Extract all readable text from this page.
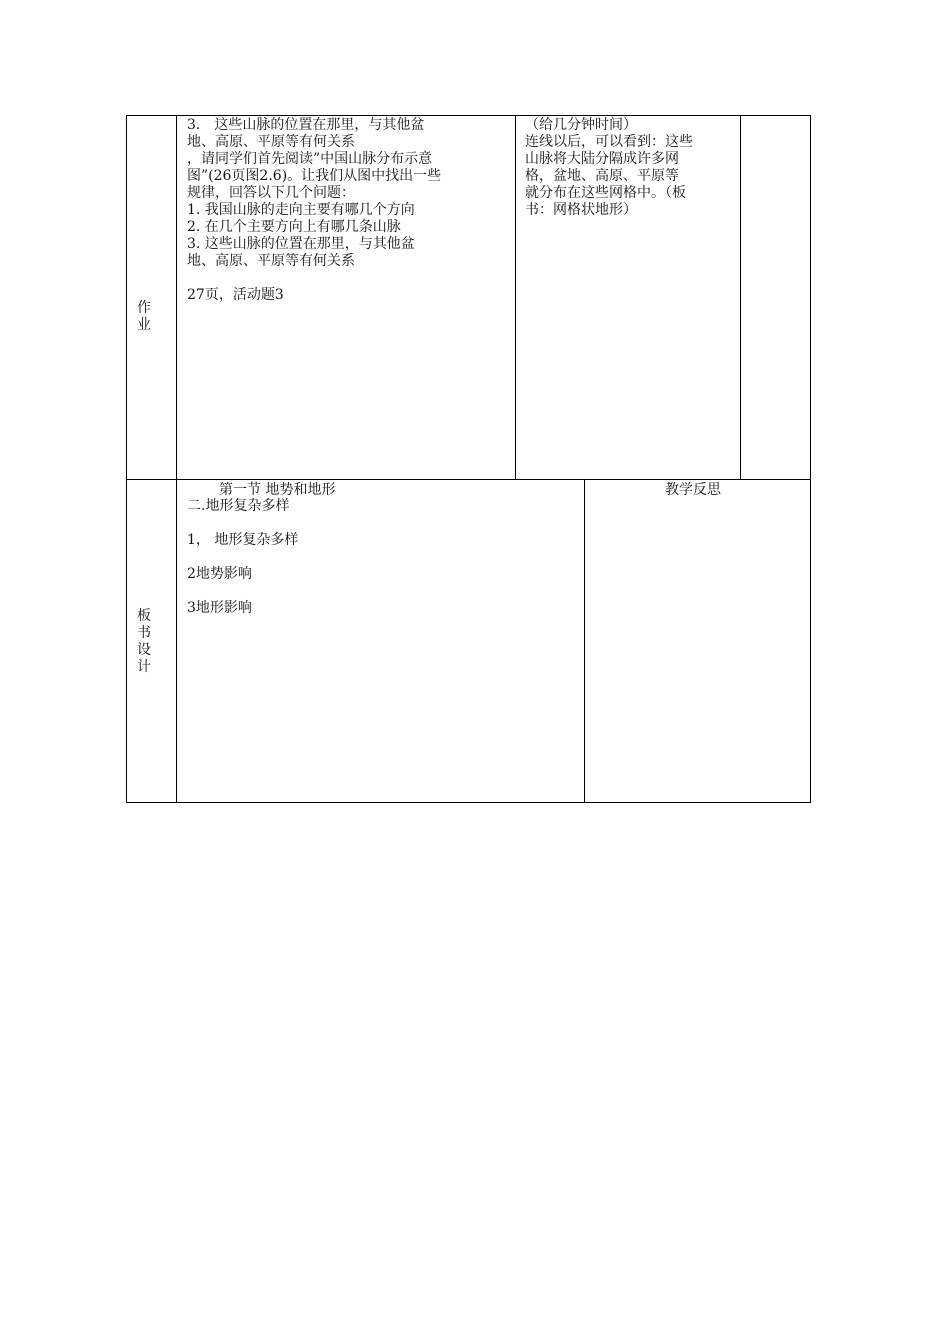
作
业
3． 这些山脉的位置在那里，与其他盆
地、高原、平原等有何关系
，请同学们首先阅读”中国山脉分布示意
图”(26页图2.6)。让我们从图中找出一些
规律，回答以下几个问题：
1. 我国山脉的走向主要有哪几个方向
2. 在几个主要方向上有哪几条山脉
3. 这些山脉的位置在那里，与其他盆
地、高原、平原等有何关系
27页，活动题3
（给几分钟时间）
连线以后，可以看到：这些
山脉将大陆分隔成许多网
格，盆地、高原、平原等
就分布在这些网格中。（板
书：网格状地形）
板
书
设
计
第一节 地势和地形
二.地形复杂多样
1， 地形复杂多样
2地势影响
3地形影响
教学反思
